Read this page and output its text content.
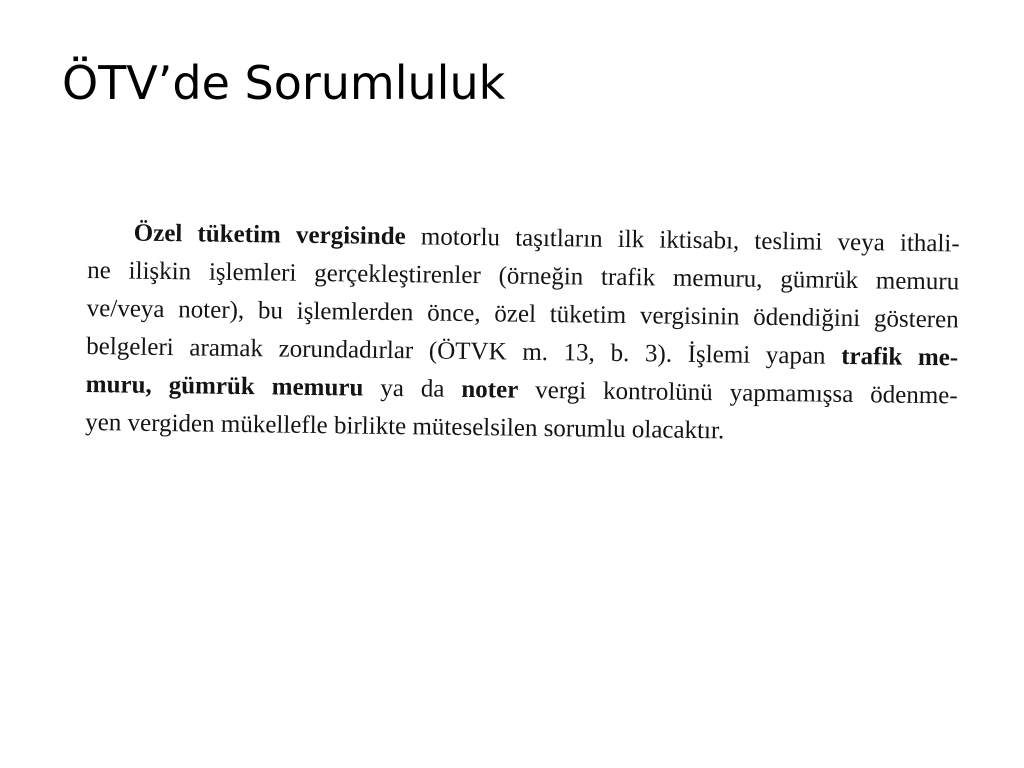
ÖTV’de Sorumluluk
Özel tüketim vergisinde motorlu taşıtların ilk iktisabı, teslimi veya ithali-
ne ilişkin işlemleri gerçekleştirenler (örneğin trafik memuru, gümrük memuru
ve/veya noter), bu işlemlerden önce, özel tüketim vergisinin ödendiğini gösteren
belgeleri aramak zorundadırlar (ÖTVK m. 13, b. 3). İşlemi yapan trafik me-
muru, gümrük memuru ya da noter vergi kontrolünü yapmamışsa ödenme-
yen vergiden mükellefle birlikte müteselsilen sorumlu olacaktır.
